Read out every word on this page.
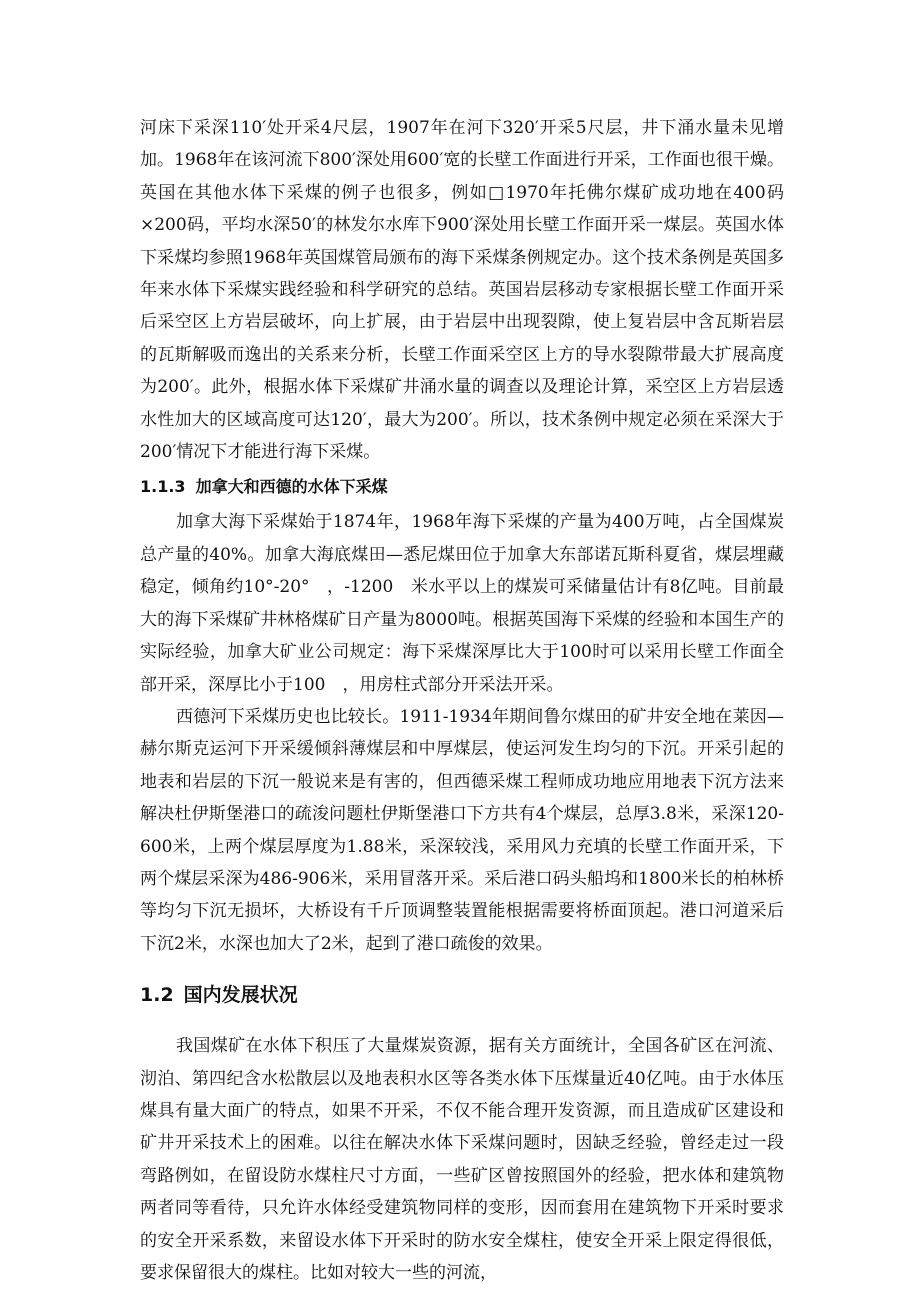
河床下采深110′处开采4尺层，1907年在河下320′开采5尺层，井下涌水量未见增加。1968年在该河流下800′深处用600′宽的长壁工作面进行开采，工作面也很干燥。英国在其他水体下采煤的例子也很多，例如□1970年托佛尔煤矿成功地在400码×200码，平均水深50′的林发尔水库下900′深处用长壁工作面开采一煤层。英国水体下采煤均参照1968年英国煤管局颁布的海下采煤条例规定办。这个技术条例是英国多年来水体下采煤实践经验和科学研究的总结。英国岩层移动专家根据长壁工作面开采后采空区上方岩层破坏，向上扩展，由于岩层中出现裂隙，使上复岩层中含瓦斯岩层的瓦斯解吸而逸出的关系来分析，长壁工作面采空区上方的导水裂隙带最大扩展高度为200′。此外，根据水体下采煤矿井涌水量的调查以及理论计算，采空区上方岩层透水性加大的区域高度可达120′，最大为200′。所以，技术条例中规定必须在采深大于200′情况下才能进行海下采煤。

1.1.3 加拿大和西德的水体下采煤

加拿大海下采煤始于1874年，1968年海下采煤的产量为400万吨，占全国煤炭总产量的40%。加拿大海底煤田—悉尼煤田位于加拿大东部诺瓦斯科夏省，煤层埋藏稳定，倾角约10°-20°　，-1200　米水平以上的煤炭可采储量估计有8亿吨。目前最大的海下采煤矿井林格煤矿日产量为8000吨。根据英国海下采煤的经验和本国生产的实际经验，加拿大矿业公司规定：海下采煤深厚比大于100时可以采用长壁工作面全部开采，深厚比小于100　，用房柱式部分开采法开采。

西德河下采煤历史也比较长。1911-1934年期间鲁尔煤田的矿井安全地在莱因— 赫尔斯克运河下开采缓倾斜薄煤层和中厚煤层，使运河发生均匀的下沉。开采引起的地表和岩层的下沉一般说来是有害的，但西德采煤工程师成功地应用地表下沉方法来解决杜伊斯堡港口的疏浚问题杜伊斯堡港口下方共有4个煤层，总厚3.8米，采深120-600米，上两个煤层厚度为1.88米，采深较浅，采用风力充填的长壁工作面开采，下两个煤层采深为486-906米，采用冒落开采。采后港口码头船坞和1800米长的柏林桥等均匀下沉无损坏，大桥设有千斤顶调整装置能根据需要将桥面顶起。港口河道采后下沉2米，水深也加大了2米，起到了港口疏俊的效果。

1.2 国内发展状况

我国煤矿在水体下积压了大量煤炭资源，据有关方面统计，全国各矿区在河流、沏泊、第四纪含水松散层以及地表积水区等各类水体下压煤量近40亿吨。由于水体压煤具有量大面广的特点，如果不开采，不仅不能合理开发资源，而且造成矿区建设和矿井开采技术上的困难。以往在解决水体下采煤问题时，因缺乏经验，曾经走过一段弯路例如，在留设防水煤柱尺寸方面，一些矿区曾按照国外的经验，把水体和建筑物两者同等看待，只允许水体经受建筑物同样的变形，因而套用在建筑物下开采时要求的安全开采系数，来留设水体下开采时的防水安全煤柱，使安全开采上限定得很低，要求保留很大的煤柱。比如对较大一些的河流，
